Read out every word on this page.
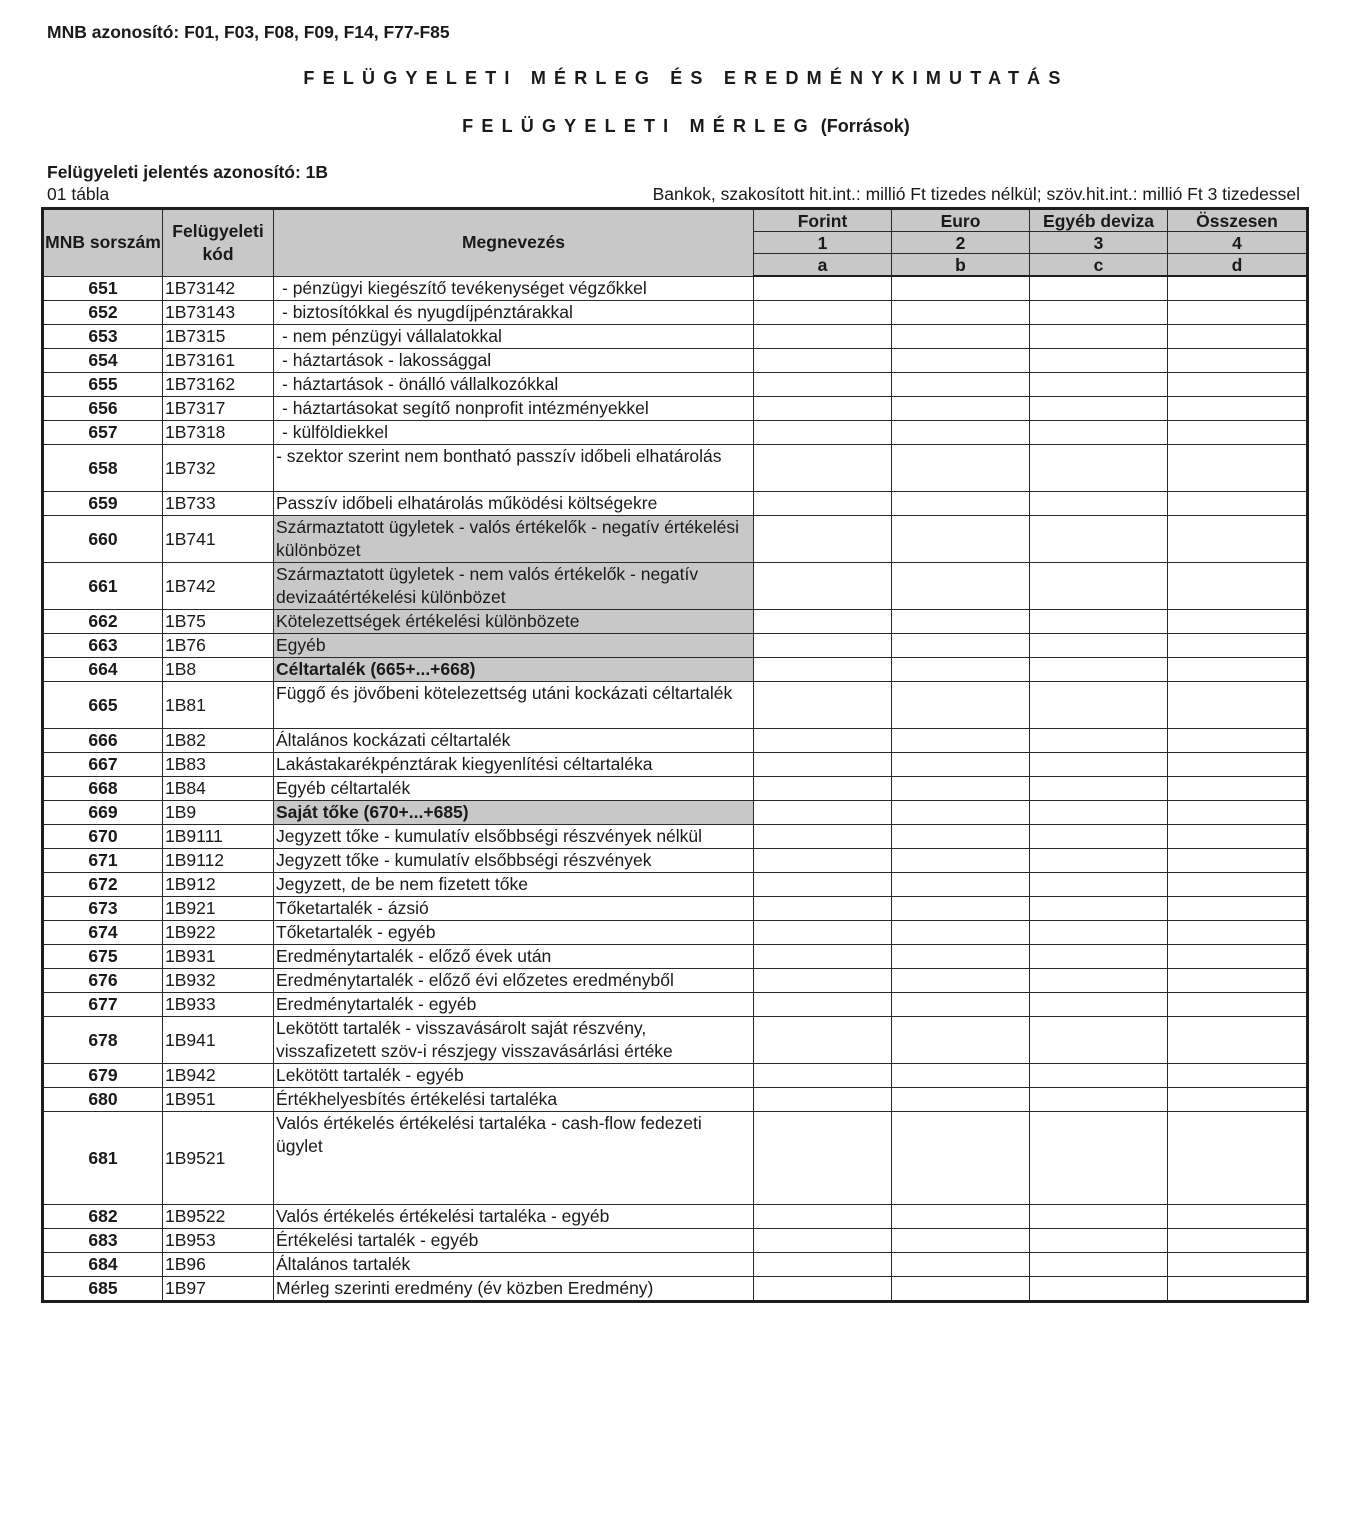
MNB azonosító: F01, F03, F08, F09, F14, F77-F85
FELÜGYELETI MÉRLEG ÉS EREDMÉNYKIMUTATÁS
FELÜGYELETI MÉRLEG (Források)
Felügyeleti jelentés azonosító: 1B
01 tábla	Bankok, szakosított hit.int.: millió Ft tizedes nélkül; szöv.hit.int.: millió Ft 3 tizedessel
MNB sorszám	Felügyeleti kód	Megnevezés	Forint	Euro	Egyéb deviza	Összesen
			1	2	3	4
			a	b	c	d
651	1B73142	- pénzügyi kiegészítő tevékenységet végzőkkel				
652	1B73143	- biztosítókkal és nyugdíjpénztárakkal				
653	1B7315	- nem pénzügyi vállalatokkal				
654	1B73161	- háztartások - lakossággal				
655	1B73162	- háztartások - önálló vállalkozókkal				
656	1B7317	- háztartásokat segítő nonprofit intézményekkel				
657	1B7318	- külföldiekkel				
658	1B732	- szektor szerint nem bontható passzív időbeli elhatárolás				
659	1B733	Passzív időbeli elhatárolás működési költségekre				
660	1B741	Származtatott ügyletek - valós értékelők - negatív értékelési különbözet				
661	1B742	Származtatott ügyletek - nem valós értékelők - negatív devizaátértékelési különbözet				
662	1B75	Kötelezettségek értékelési különbözete				
663	1B76	Egyéb				
664	1B8	Céltartalék (665+...+668)				
665	1B81	Függő és jövőbeni kötelezettség utáni kockázati céltartalék				
666	1B82	Általános kockázati céltartalék				
667	1B83	Lakástakarékpénztárak kiegyenlítési céltartaléka				
668	1B84	Egyéb céltartalék				
669	1B9	Saját tőke (670+...+685)				
670	1B9111	Jegyzett tőke - kumulatív elsőbbségi részvények nélkül				
671	1B9112	Jegyzett tőke - kumulatív elsőbbségi részvények				
672	1B912	Jegyzett, de be nem fizetett tőke				
673	1B921	Tőketartalék - ázsió				
674	1B922	Tőketartalék - egyéb				
675	1B931	Eredménytartalék - előző évek után				
676	1B932	Eredménytartalék - előző évi előzetes eredményből				
677	1B933	Eredménytartalék - egyéb				
678	1B941	Lekötött tartalék - visszavásárolt saját részvény, visszafizetett szöv-i részjegy visszavásárlási értéke				
679	1B942	Lekötött tartalék - egyéb				
680	1B951	Értékhelyesbítés értékelési tartaléka				
681	1B9521	Valós értékelés értékelési tartaléka - cash-flow fedezeti ügylet				
682	1B9522	Valós értékelés értékelési tartaléka - egyéb				
683	1B953	Értékelési tartalék - egyéb				
684	1B96	Általános tartalék				
685	1B97	Mérleg szerinti eredmény (év közben Eredmény)				
